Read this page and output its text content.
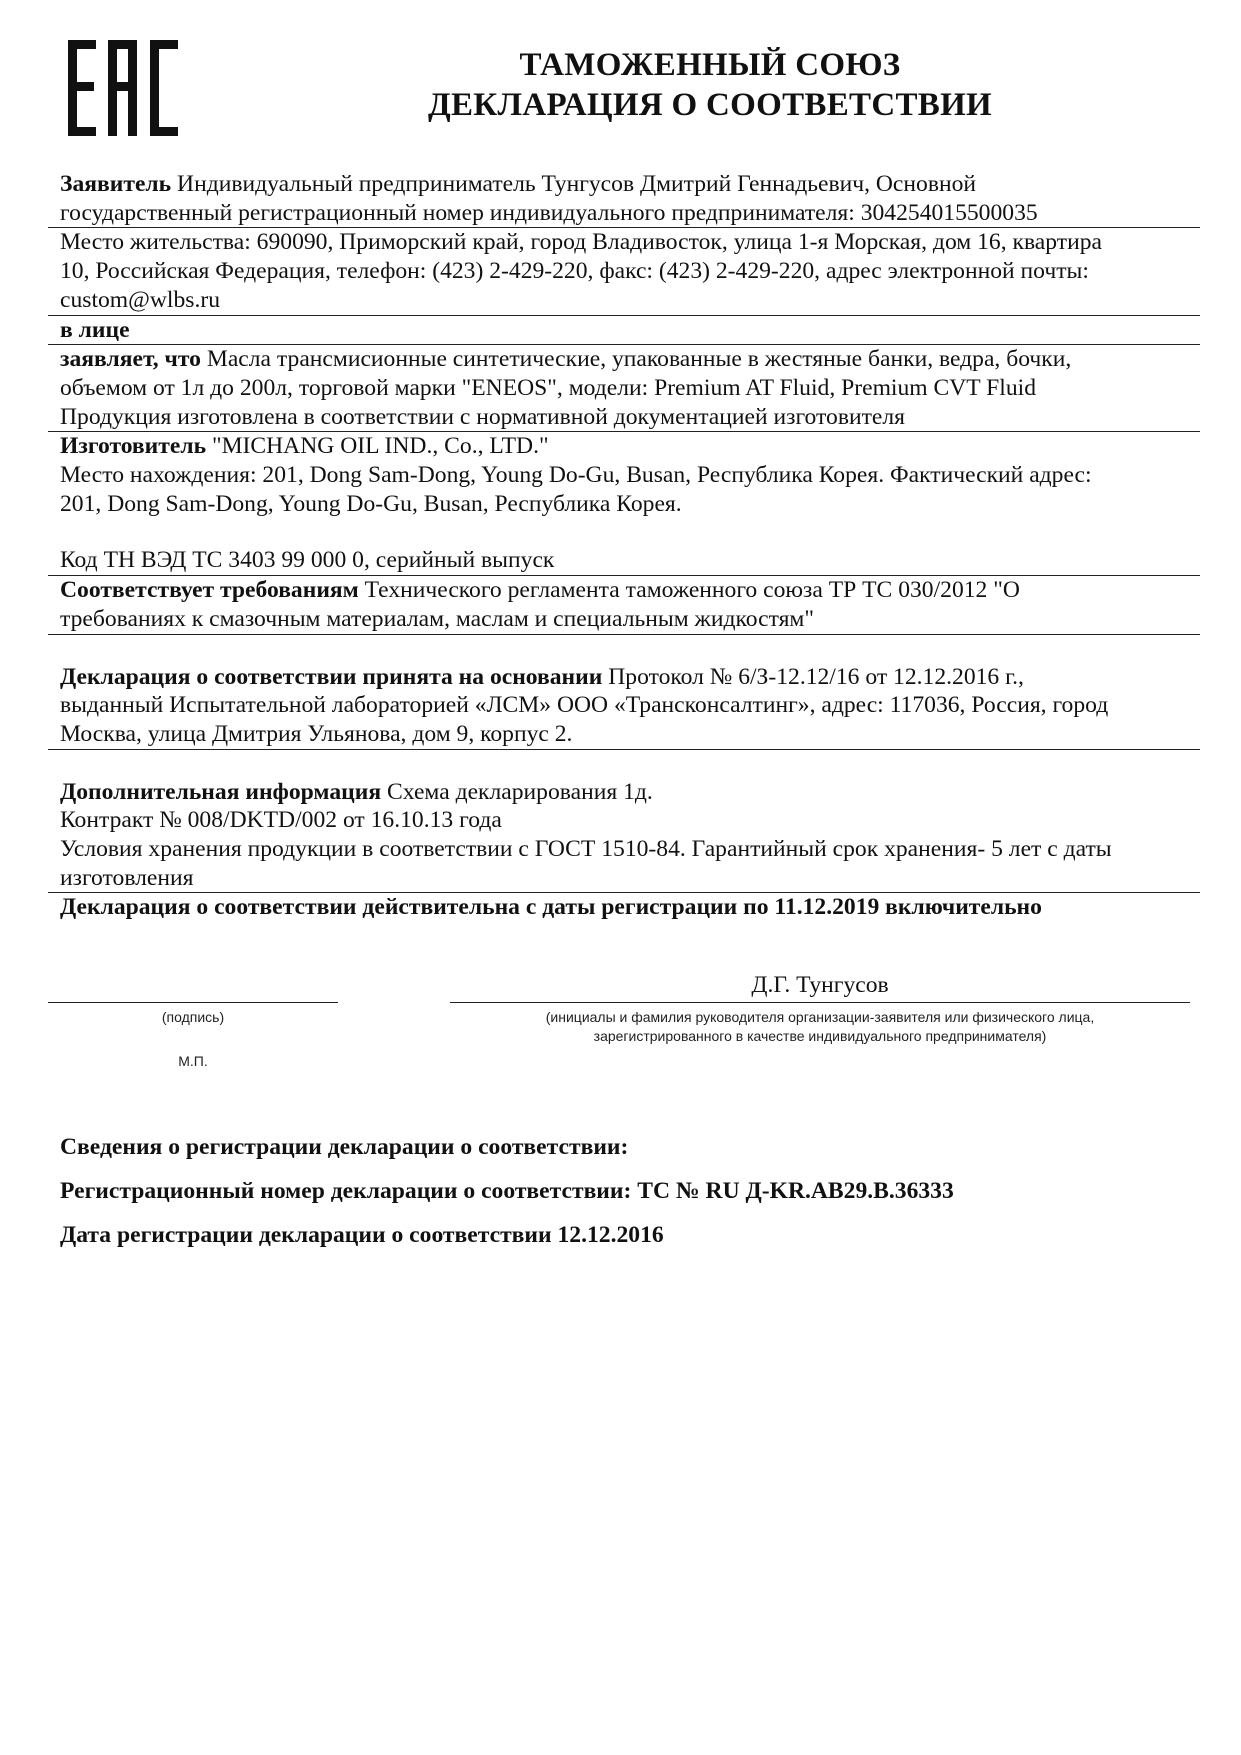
ТАМОЖЕННЫЙ СОЮЗ
ДЕКЛАРАЦИЯ О СООТВЕТСТВИИ
Заявитель Индивидуальный предприниматель Тунгусов Дмитрий Геннадьевич, Основной
государственный регистрационный номер индивидуального предпринимателя: 304254015500035
Место жительства: 690090, Приморский край, город Владивосток, улица 1-я Морская, дом 16, квартира
10, Российская Федерация, телефон: (423) 2-429-220, факс: (423) 2-429-220, адрес электронной почты:
custom@wlbs.ru
в лице
заявляет, что Масла трансмисионные синтетические, упакованные в жестяные банки, ведра, бочки,
объемом от 1л до 200л, торговой марки "ENEOS", модели: Premium AT Fluid, Premium CVT Fluid
Продукция изготовлена в соответствии с нормативной документацией изготовителя
Изготовитель "MICHANG OIL IND., Co., LTD."
Место нахождения: 201, Dong Sam-Dong, Young Do-Gu, Busan, Республика Корея. Фактический адрес:
201, Dong Sam-Dong, Young Do-Gu, Busan, Республика Корея.
Код ТН ВЭД ТС 3403 99 000 0, серийный выпуск
Соответствует требованиям Технического регламента таможенного союза ТР ТС 030/2012 "О
требованиях к смазочным материалам, маслам и специальным жидкостям"
Декларация о соответствии принята на основании Протокол № 6/З-12.12/16 от 12.12.2016 г.,
выданный Испытательной лабораторией «ЛСМ» ООО «Трансконсалтинг», адрес: 117036, Россия, город
Москва, улица Дмитрия Ульянова, дом 9, корпус 2.
Дополнительная информация Схема декларирования 1д.
Контракт № 008/DKTD/002 от 16.10.13 года
Условия хранения продукции в соответствии с ГОСТ 1510-84. Гарантийный срок хранения- 5 лет с даты
изготовления
Декларация о соответствии действительна с даты регистрации по 11.12.2019 включительно
Д.Г. Тунгусов
(подпись)
М.П.
(инициалы и фамилия руководителя организации-заявителя или физического лица,
зарегистрированного в качестве индивидуального предпринимателя)
Сведения о регистрации декларации о соответствии:
Регистрационный номер декларации о соответствии: ТС № RU Д-KR.АВ29.В.36333
Дата регистрации декларации о соответствии 12.12.2016
